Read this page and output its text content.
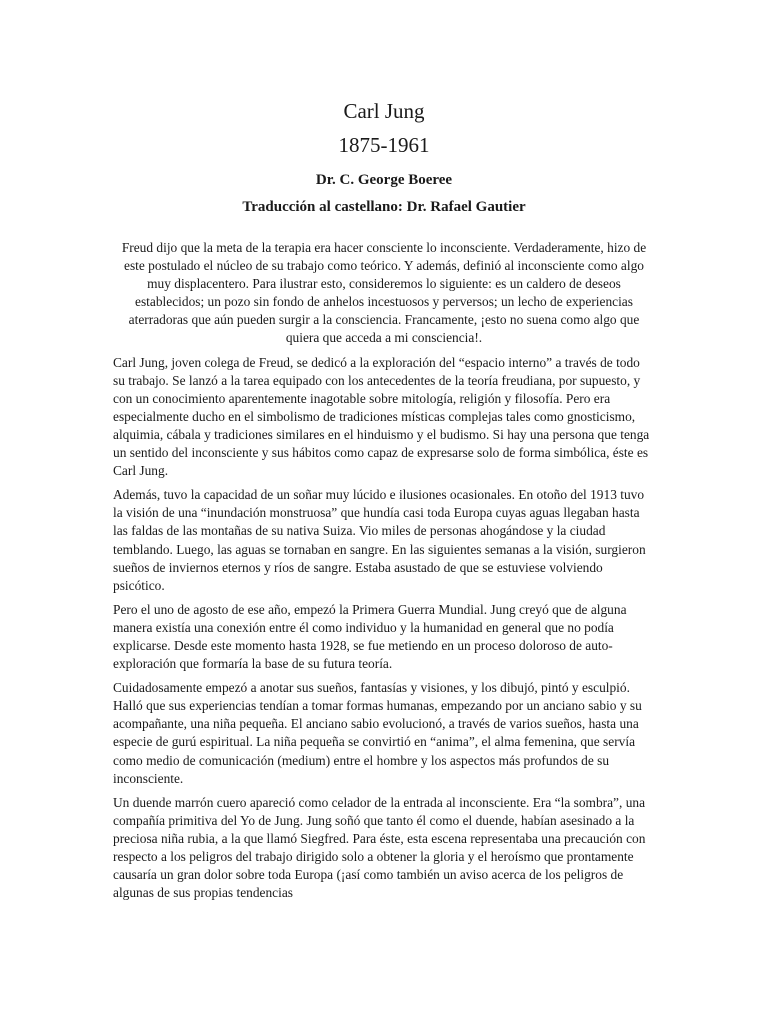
Carl Jung
1875-1961

Dr. C. George Boeree

Traducción al castellano: Dr. Rafael Gautier

Freud dijo que la meta de la terapia era hacer consciente lo inconsciente. Verdaderamente, hizo de este postulado el núcleo de su trabajo como teórico. Y además, definió al inconsciente como algo muy displacentero. Para ilustrar esto, consideremos lo siguiente: es un caldero de deseos establecidos; un pozo sin fondo de anhelos incestuosos y perversos; un lecho de experiencias aterradoras que aún pueden surgir a la consciencia. Francamente, ¡esto no suena como algo que quiera que acceda a mi consciencia!.

Carl Jung, joven colega de Freud, se dedicó a la exploración del “espacio interno” a través de todo su trabajo. Se lanzó a la tarea equipado con los antecedentes de la teoría freudiana, por supuesto, y con un conocimiento aparentemente inagotable sobre mitología, religión y filosofía. Pero era especialmente ducho en el simbolismo de tradiciones místicas complejas tales como gnosticismo, alquimia, cábala y tradiciones similares en el hinduismo y el budismo. Si hay una persona que tenga un sentido del inconsciente y sus hábitos como capaz de expresarse solo de forma simbólica, éste es Carl Jung.

Además, tuvo la capacidad de un soñar muy lúcido e ilusiones ocasionales. En otoño del 1913 tuvo la visión de una “inundación monstruosa” que hundía casi toda Europa cuyas aguas llegaban hasta las faldas de las montañas de su nativa Suiza. Vio miles de personas ahogándose y la ciudad temblando. Luego, las aguas se tornaban en sangre. En las siguientes semanas a la visión, surgieron sueños de inviernos eternos y ríos de sangre. Estaba asustado de que se estuviese volviendo psicótico.

Pero el uno de agosto de ese año, empezó la Primera Guerra Mundial. Jung creyó que de alguna manera existía una conexión entre él como individuo y la humanidad en general que no podía explicarse. Desde este momento hasta 1928, se fue metiendo en un proceso doloroso de auto-exploración que formaría la base de su futura teoría.

Cuidadosamente empezó a anotar sus sueños, fantasías y visiones, y los dibujó, pintó y esculpió. Halló que sus experiencias tendían a tomar formas humanas, empezando por un anciano sabio y su acompañante, una niña pequeña. El anciano sabio evolucionó, a través de varios sueños, hasta una especie de gurú espiritual. La niña pequeña se convirtió en “anima”, el alma femenina, que servía como medio de comunicación (medium) entre el hombre y los aspectos más profundos de su inconsciente.

Un duende marrón cuero apareció como celador de la entrada al inconsciente. Era “la sombra”, una compañía primitiva del Yo de Jung. Jung soñó que tanto él como el duende, habían asesinado a la preciosa niña rubia, a la que llamó Siegfred. Para éste, esta escena representaba una precaución con respecto a los peligros del trabajo dirigido solo a obtener la gloria y el heroísmo que prontamente causaría un gran dolor sobre toda Europa (¡así como también un aviso acerca de los peligros de algunas de sus propias tendencias
